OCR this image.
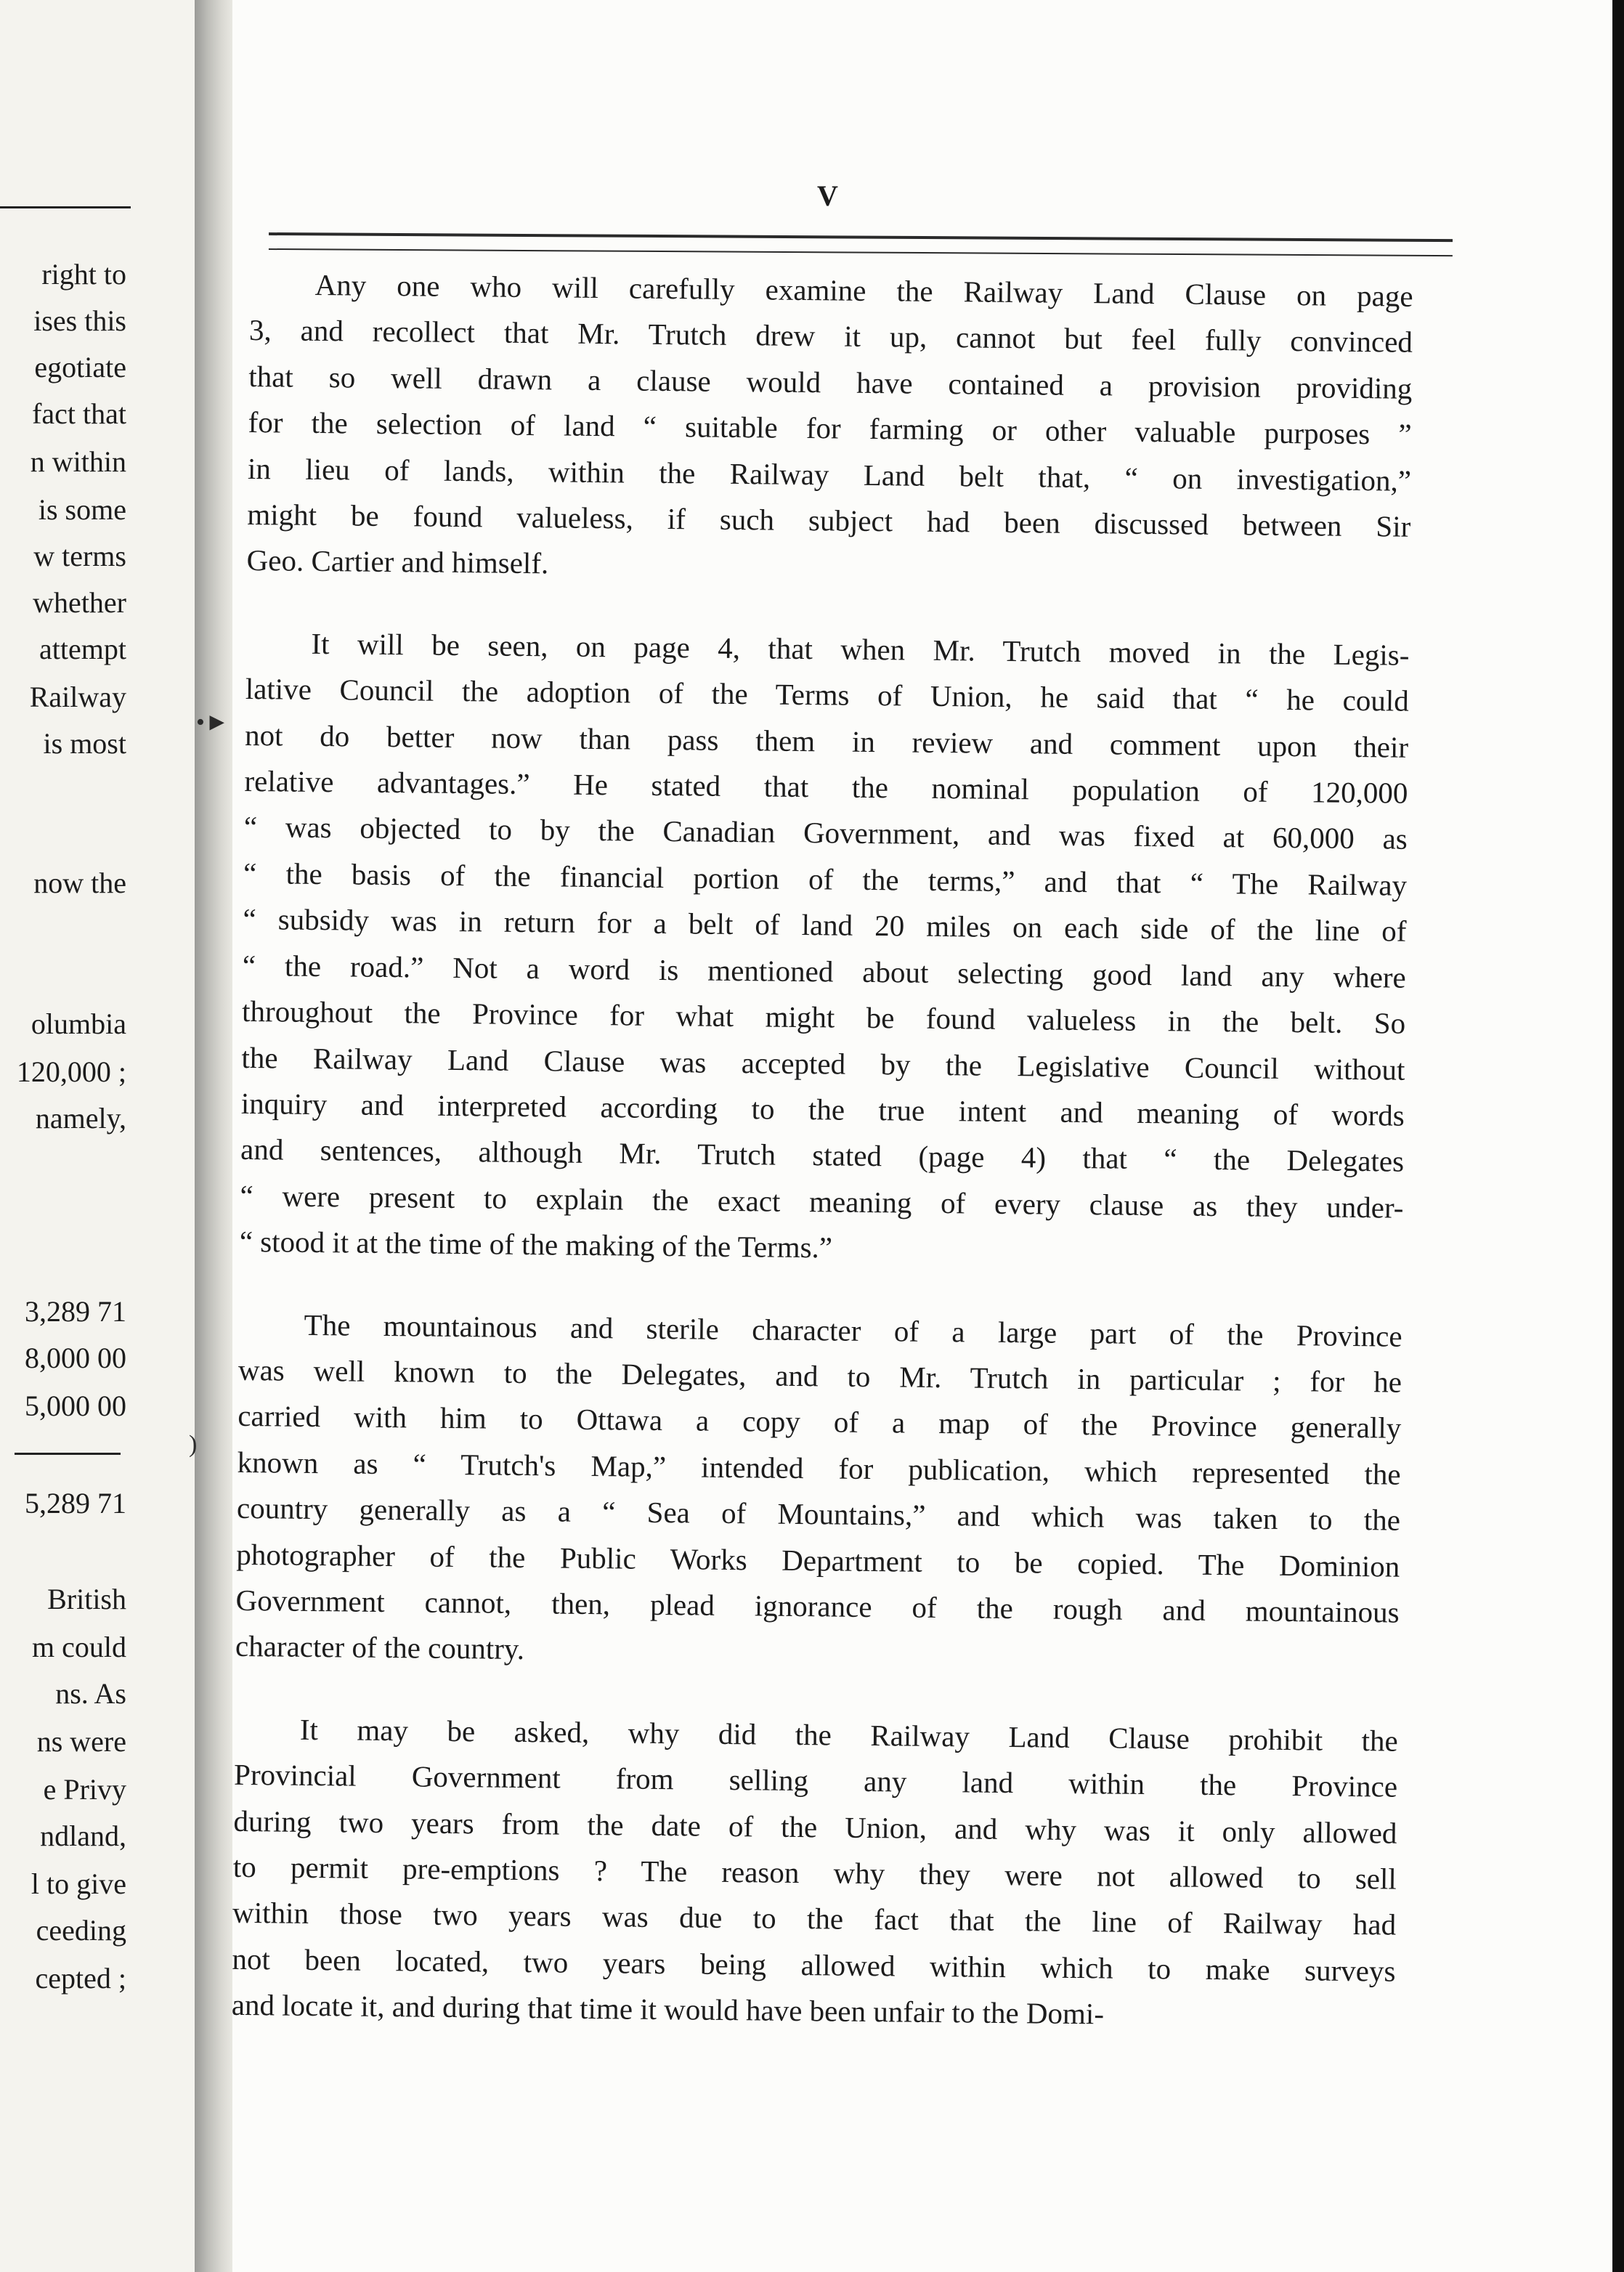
right to
ises this
egotiate
fact that
n within
is some
w terms
whether
attempt
Railway
is most
now the
olumbia
120,000 ;
namely,
3,289 71
8,000 00
5,000 00
5,289 71
British
m could
ns. As
ns were
e Privy
ndland,
l to give
ceeding
cepted ;
•►
)
V

Any one who will carefully examine the Railway Land Clause on page
3, and recollect that Mr. Trutch drew it up, cannot but feel fully convinced
that so well drawn a clause would have contained a provision providing
for the selection of land “ suitable for farming or other valuable purposes ”
in lieu of lands, within the Railway Land belt that, “ on investigation,”
might be found valueless, if such subject had been discussed between Sir
Geo. Cartier and himself.

It will be seen, on page 4, that when Mr. Trutch moved in the Legis-
lative Council the adoption of the Terms of Union, he said that “ he could
not do better now than pass them in review and comment upon their
relative advantages.” He stated that the nominal population of 120,000
“ was objected to by the Canadian Government, and was fixed at 60,000 as
“ the basis of the financial portion of the terms,” and that “ The Railway
“ subsidy was in return for a belt of land 20 miles on each side of the line of
“ the road.” Not a word is mentioned about selecting good land any where
throughout the Province for what might be found valueless in the belt. So
the Railway Land Clause was accepted by the Legislative Council without
inquiry and interpreted according to the true intent and meaning of words
and sentences, although Mr. Trutch stated (page 4) that “ the Delegates
“ were present to explain the exact meaning of every clause as they under-
“ stood it at the time of the making of the Terms.”

The mountainous and sterile character of a large part of the Province
was well known to the Delegates, and to Mr. Trutch in particular ; for he
carried with him to Ottawa a copy of a map of the Province generally
known as “ Trutch's Map,” intended for publication, which represented the
country generally as a “ Sea of Mountains,” and which was taken to the
photographer of the Public Works Department to be copied. The Dominion
Government cannot, then, plead ignorance of the rough and mountainous
character of the country.

It may be asked, why did the Railway Land Clause prohibit the
Provincial Government from selling any land within the Province
during two years from the date of the Union, and why was it only allowed
to permit pre-emptions ? The reason why they were not allowed to sell
within those two years was due to the fact that the line of Railway had
not been located, two years being allowed within which to make surveys
and locate it, and during that time it would have been unfair to the Domi-
